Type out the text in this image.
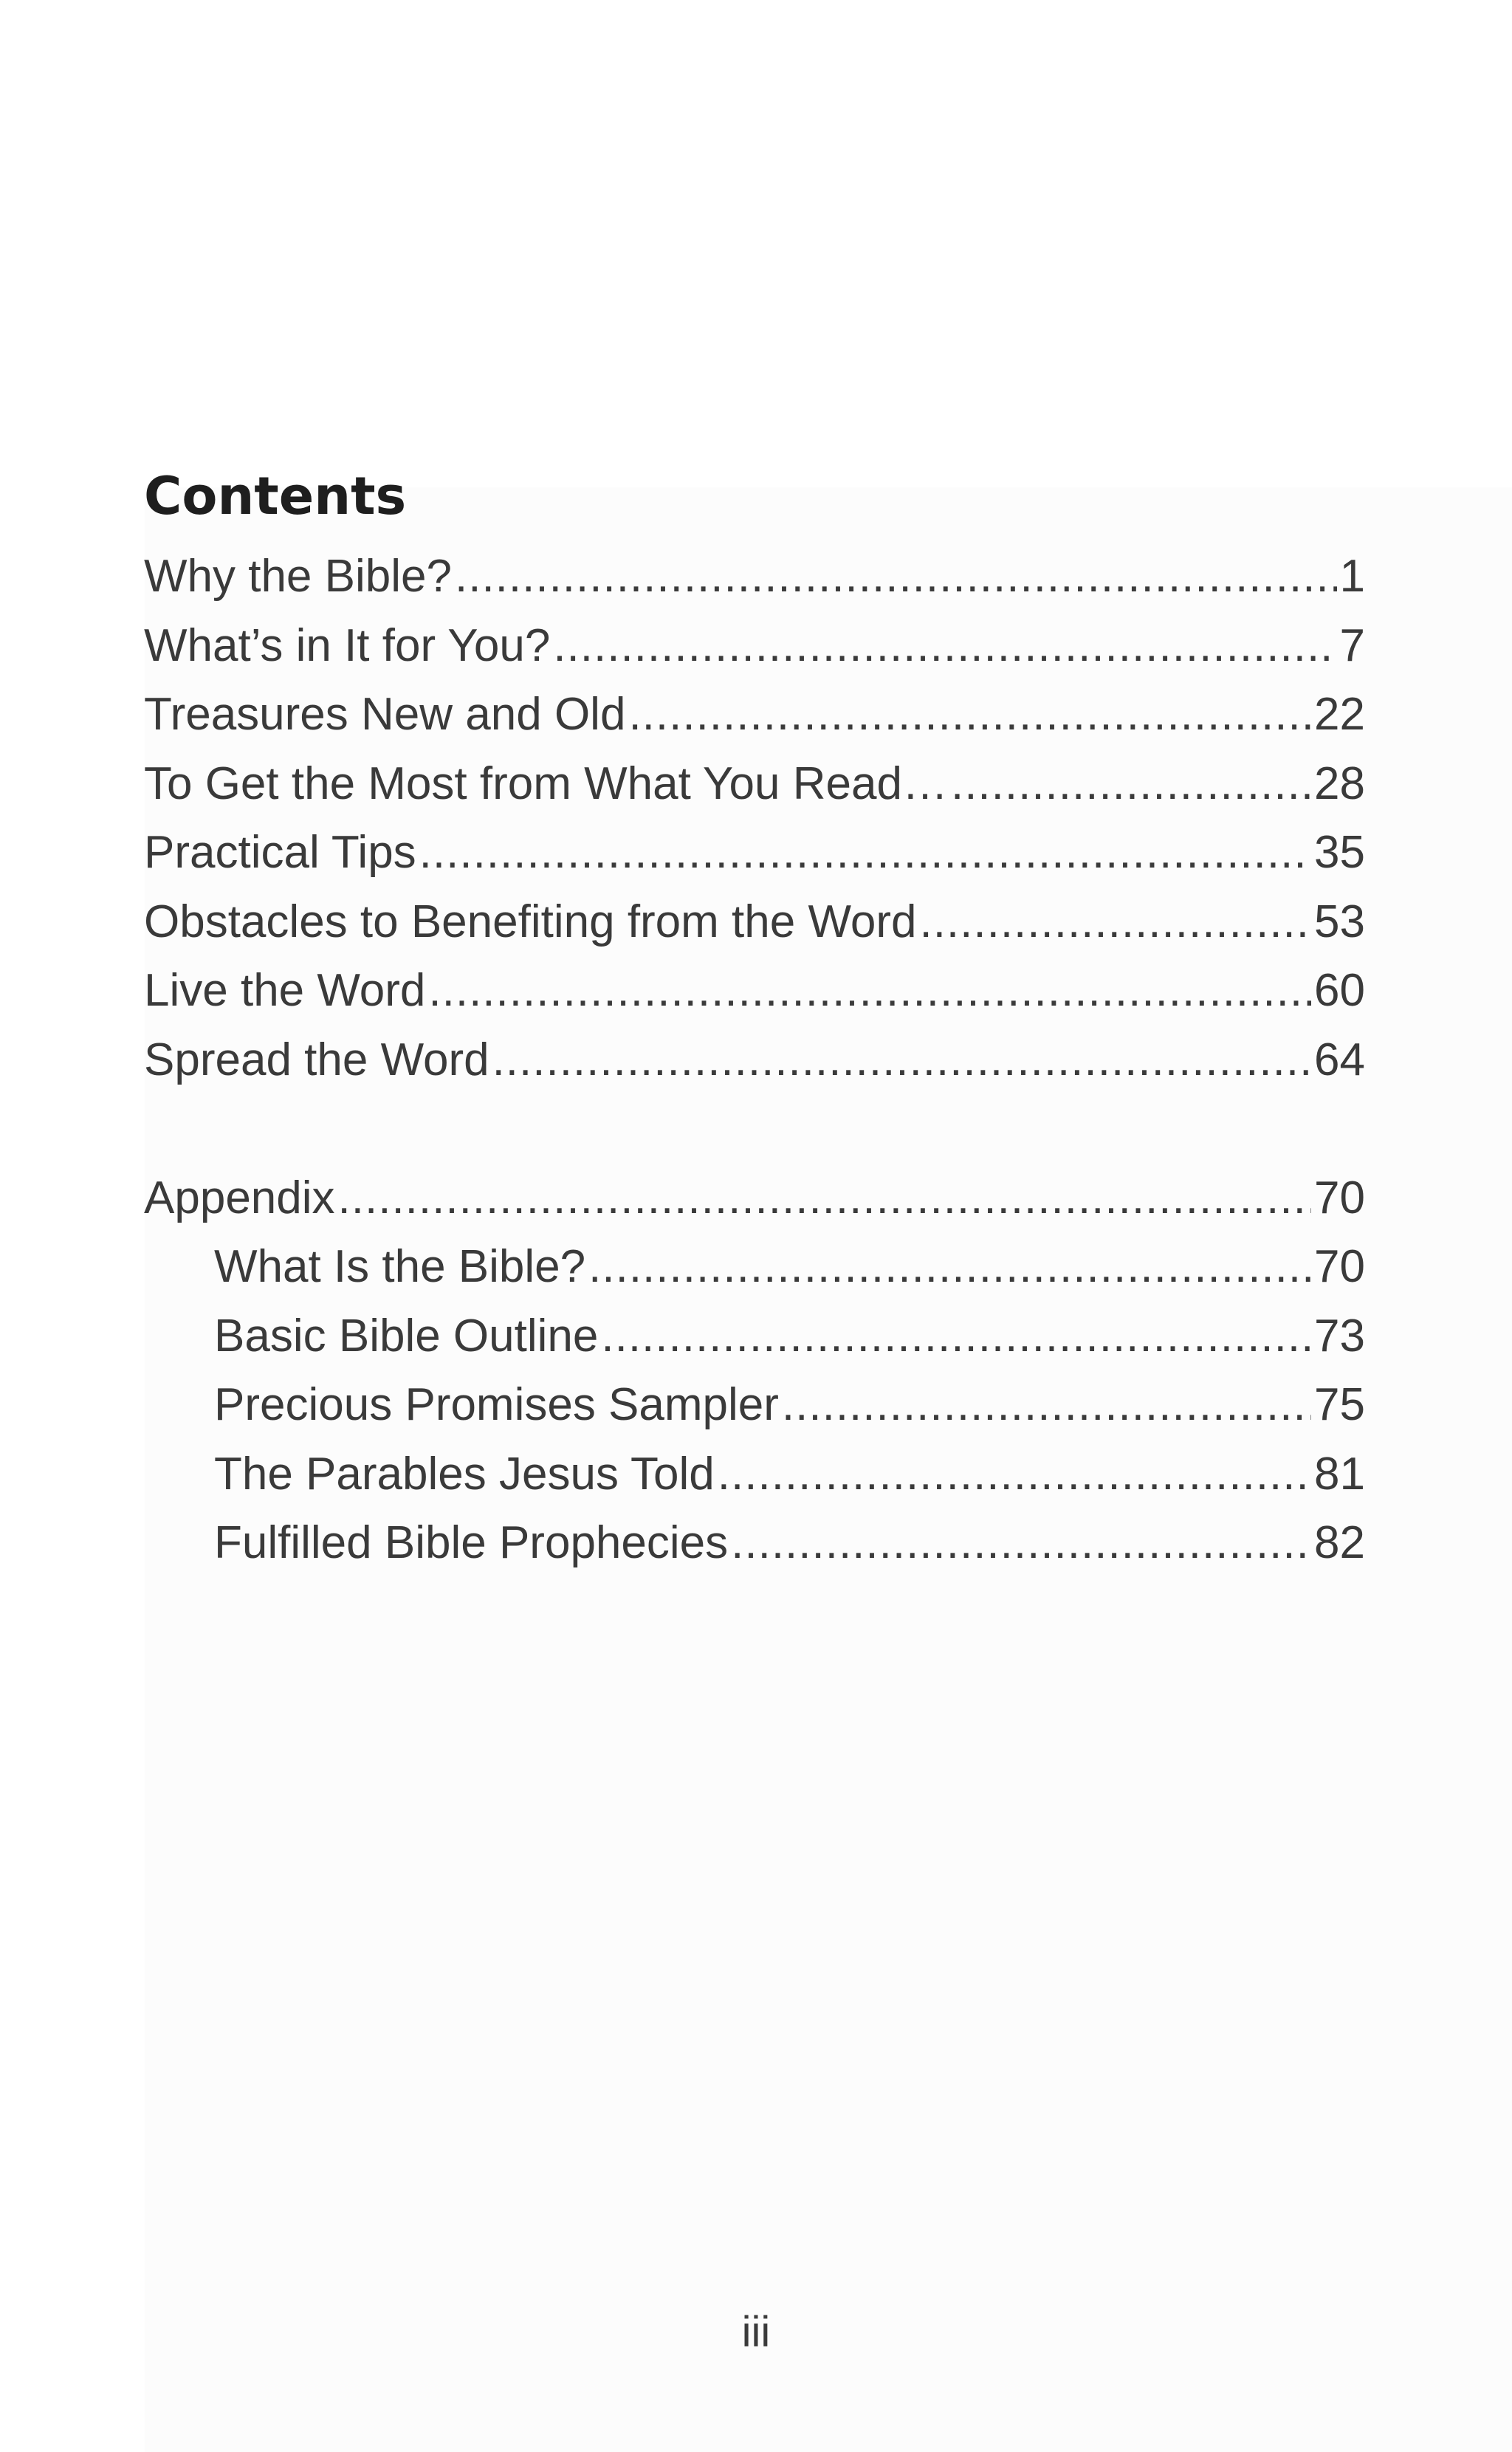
Contents
Why the Bible? .....	1
What’s in It for You? .....	7
Treasures New and Old .....	22
To Get the Most from What You Read… .....	28
Practical Tips .....	35
Obstacles to Benefiting from the Word .....	53
Live the Word .....	60
Spread the Word .....	64
Appendix .....	70
What Is the Bible? .....	70
Basic Bible Outline .....	73
Precious Promises Sampler .....	75
The Parables Jesus Told .....	81
Fulfilled Bible Prophecies .....	82
iii
